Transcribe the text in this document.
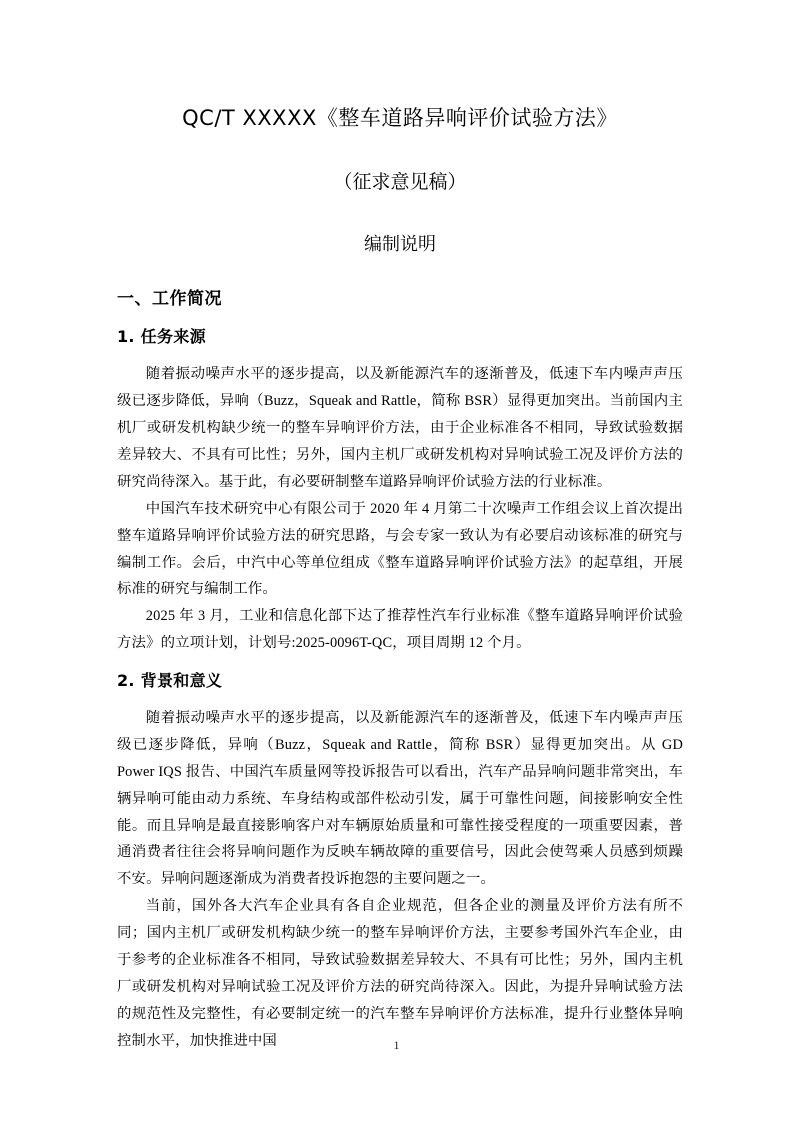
QC/T XXXXX《整车道路异响评价试验方法》
（征求意见稿）
编制说明
一、工作简况
1. 任务来源

随着振动噪声水平的逐步提高，以及新能源汽车的逐渐普及，低速下车内噪声声压级已逐步降低，异响（Buzz，Squeak and Rattle，简称 BSR）显得更加突出。当前国内主机厂或研发机构缺少统一的整车异响评价方法，由于企业标准各不相同，导致试验数据差异较大、不具有可比性；另外，国内主机厂或研发机构对异响试验工况及评价方法的研究尚待深入。基于此，有必要研制整车道路异响评价试验方法的行业标准。

中国汽车技术研究中心有限公司于 2020 年 4 月第二十次噪声工作组会议上首次提出整车道路异响评价试验方法的研究思路，与会专家一致认为有必要启动该标准的研究与编制工作。会后，中汽中心等单位组成《整车道路异响评价试验方法》的起草组，开展标准的研究与编制工作。

2025 年 3 月，工业和信息化部下达了推荐性汽车行业标准《整车道路异响评价试验方法》的立项计划，计划号:2025-0096T-QC，项目周期 12 个月。

2. 背景和意义

随着振动噪声水平的逐步提高，以及新能源汽车的逐渐普及，低速下车内噪声声压级已逐步降低，异响（Buzz，Squeak and Rattle，简称 BSR）显得更加突出。从 GD Power IQS 报告、中国汽车质量网等投诉报告可以看出，汽车产品异响问题非常突出，车辆异响可能由动力系统、车身结构或部件松动引发，属于可靠性问题，间接影响安全性能。而且异响是最直接影响客户对车辆原始质量和可靠性接受程度的一项重要因素，普通消费者往往会将异响问题作为反映车辆故障的重要信号，因此会使驾乘人员感到烦躁不安。异响问题逐渐成为消费者投诉抱怨的主要问题之一。

当前，国外各大汽车企业具有各自企业规范，但各企业的测量及评价方法有所不同；国内主机厂或研发机构缺少统一的整车异响评价方法，主要参考国外汽车企业，由于参考的企业标准各不相同，导致试验数据差异较大、不具有可比性；另外，国内主机厂或研发机构对异响试验工况及评价方法的研究尚待深入。因此，为提升异响试验方法的规范性及完整性，有必要制定统一的汽车整车异响评价方法标准，提升行业整体异响控制水平，加快推进中国	1
